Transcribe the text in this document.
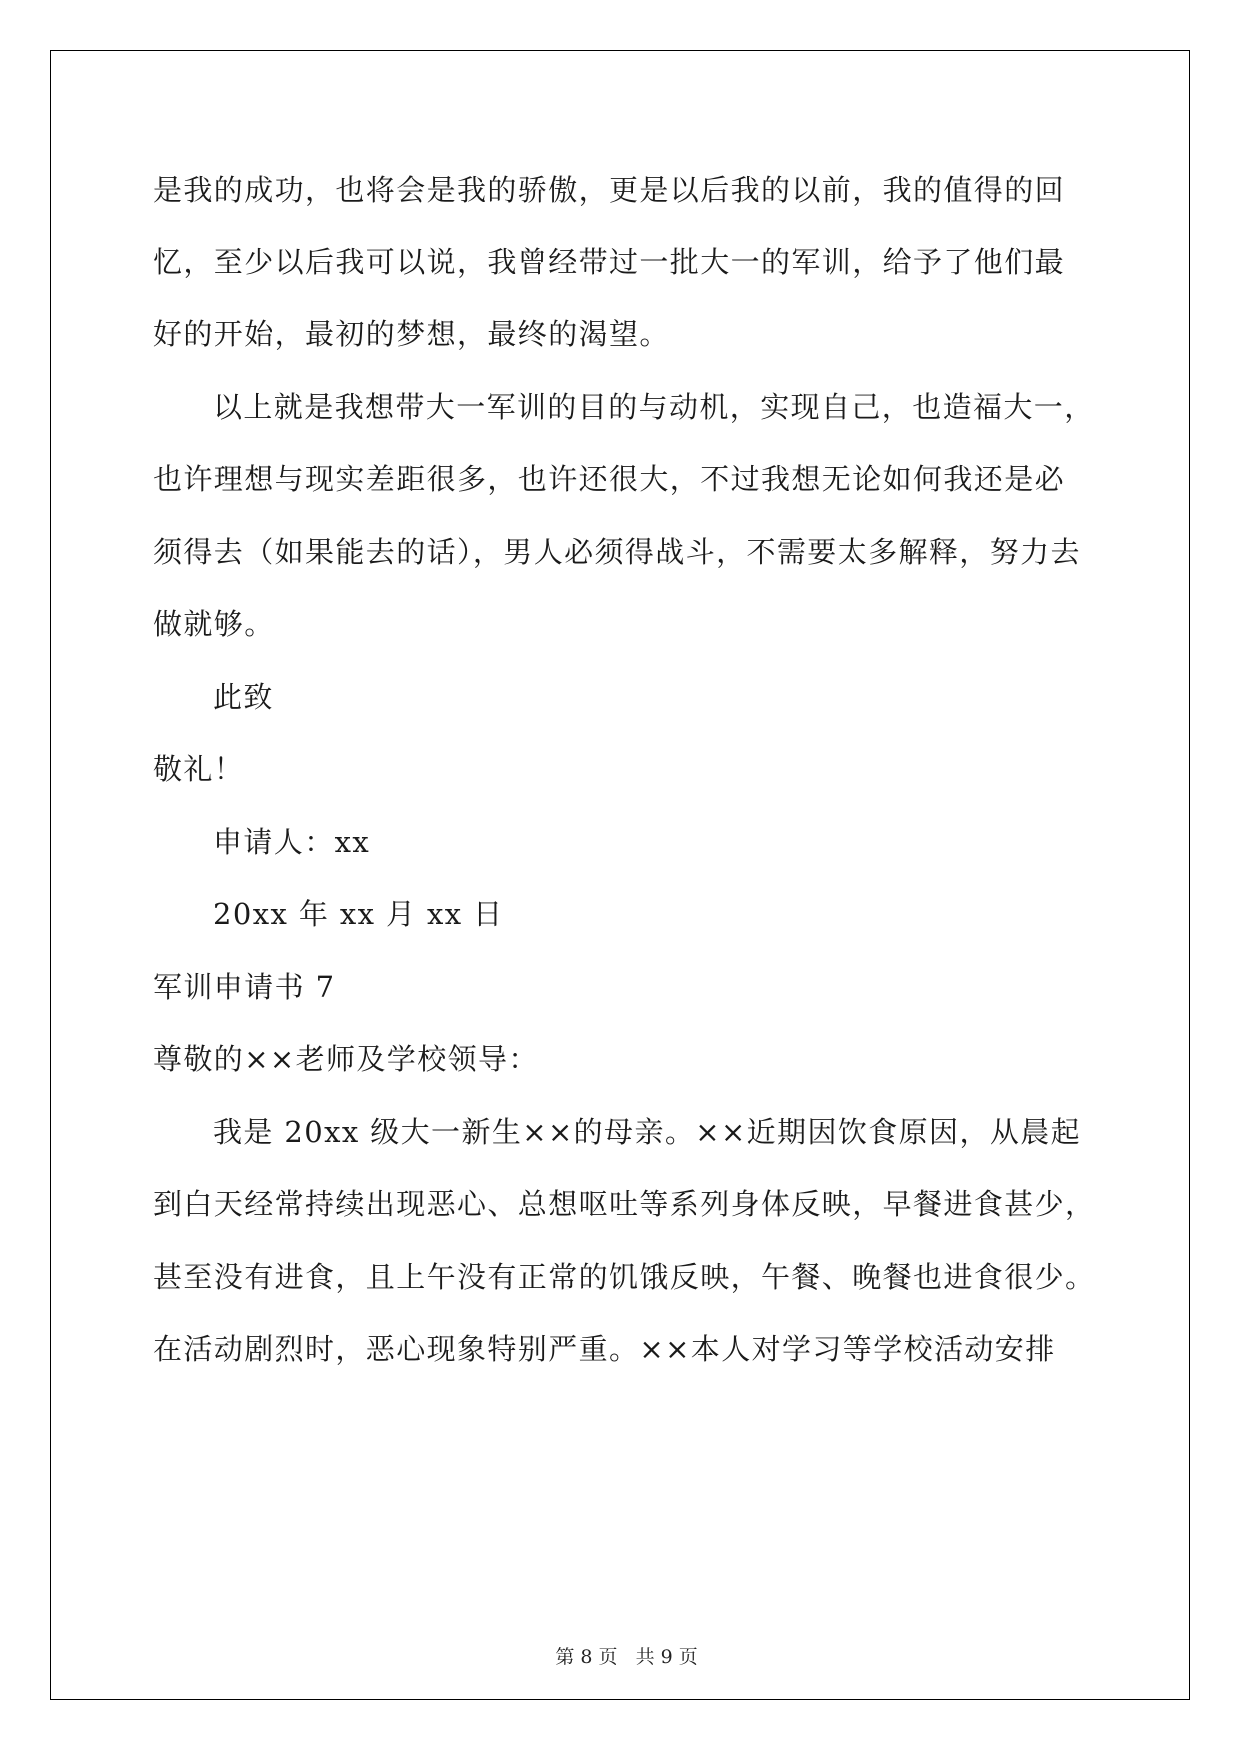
是我的成功，也将会是我的骄傲，更是以后我的以前，我的值得的回
忆，至少以后我可以说，我曾经带过一批大一的军训，给予了他们最
好的开始，最初的梦想，最终的渴望。
以上就是我想带大一军训的目的与动机，实现自己，也造福大一，
也许理想与现实差距很多，也许还很大，不过我想无论如何我还是必
须得去（如果能去的话），男人必须得战斗，不需要太多解释，努力去
做就够。
此致
敬礼！
申请人：xx
20xx 年 xx 月 xx 日
军训申请书 7
尊敬的××老师及学校领导：
我是 20xx 级大一新生××的母亲。××近期因饮食原因，从晨起
到白天经常持续出现恶心、总想呕吐等系列身体反映，早餐进食甚少，
甚至没有进食，且上午没有正常的饥饿反映，午餐、晚餐也进食很少。
在活动剧烈时，恶心现象特别严重。××本人对学习等学校活动安排

第 8 页   共 9 页
